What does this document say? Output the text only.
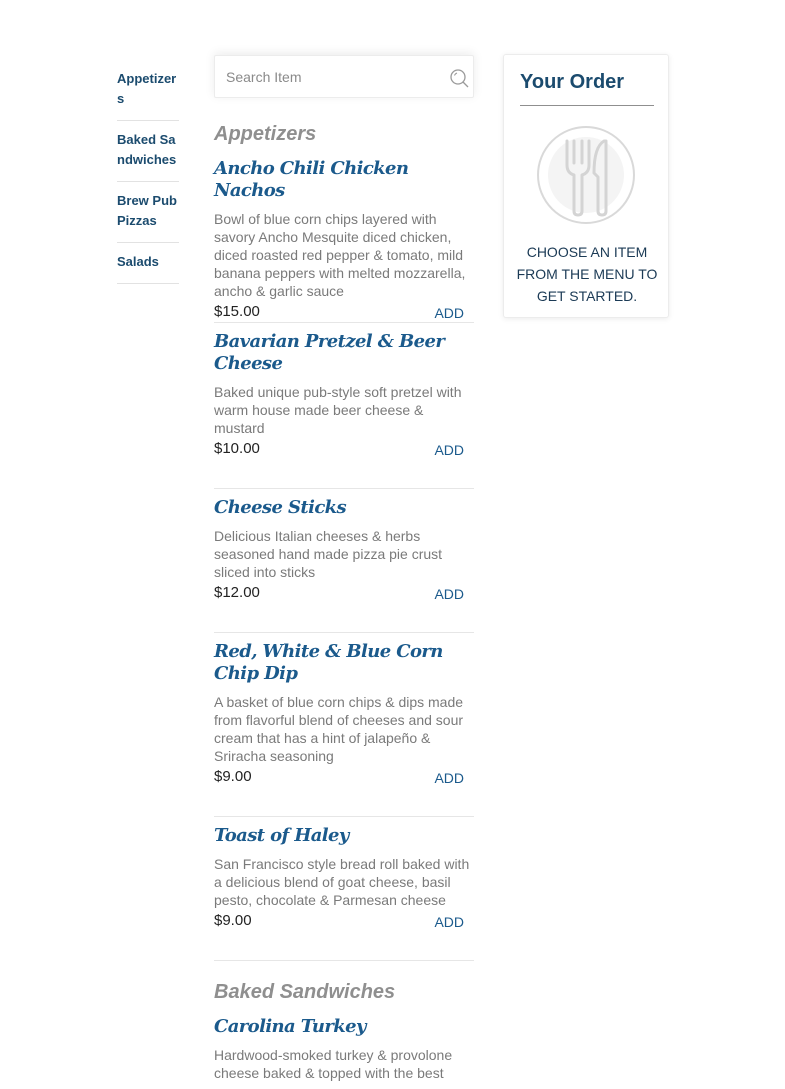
Appetizers
Baked Sandwiches
Brew Pub Pizzas
Salads
Search Item
Appetizers
Ancho Chili Chicken Nachos

Bowl of blue corn chips layered with savory Ancho Mesquite diced chicken, diced roasted red pepper & tomato, mild banana peppers with melted mozzarella, ancho & garlic sauce

$15.00	ADD
Bavarian Pretzel & Beer Cheese

Baked unique pub-style soft pretzel with warm house made beer cheese & mustard

$10.00	ADD
Cheese Sticks

Delicious Italian cheeses & herbs seasoned hand made pizza pie crust sliced into sticks

$12.00	ADD
Red, White & Blue Corn Chip Dip

A basket of blue corn chips & dips made from flavorful blend of cheeses and sour cream that has a hint of jalapeño & Sriracha seasoning

$9.00	ADD
Toast of Haley

San Francisco style bread roll baked with a delicious blend of goat cheese, basil pesto, chocolate & Parmesan cheese

$9.00	ADD
Baked Sandwiches
Carolina Turkey

Hardwood-smoked turkey & provolone cheese baked & topped with the best

Your Order

CHOOSE AN ITEM FROM THE MENU TO GET STARTED.
